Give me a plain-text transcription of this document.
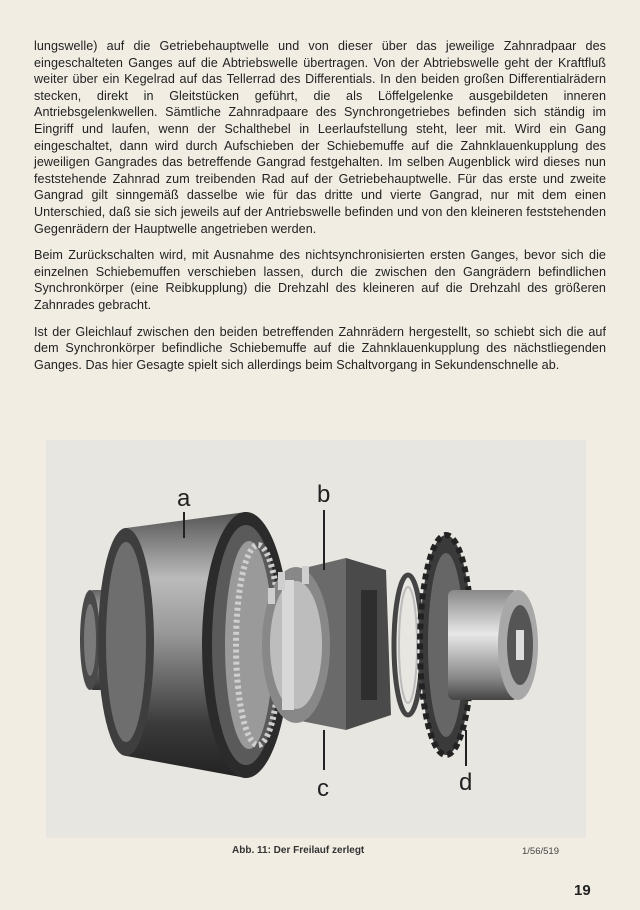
lungswelle) auf die Getriebehauptwelle und von dieser über das jeweilige Zahnradpaar des eingeschalteten Ganges auf die Abtriebswelle übertragen. Von der Abtriebswelle geht der Kraftfluß weiter über ein Kegelrad auf das Tellerrad des Differentials. In den beiden großen Differentialrädern stecken, direkt in Gleitstücken geführt, die als Löffelgelenke ausgebildeten inneren Antriebsgelenkwellen. Sämtliche Zahnradpaare des Synchrongetriebes befinden sich ständig im Eingriff und laufen, wenn der Schalthebel in Leerlaufstellung steht, leer mit. Wird ein Gang eingeschaltet, dann wird durch Aufschieben der Schiebemuffe auf die Zahnklauenkupplung des jeweiligen Gangrades das betreffende Gangrad festgehalten. Im selben Augenblick wird dieses nun feststehende Zahnrad zum treibenden Rad auf der Getriebehauptwelle. Für das erste und zweite Gangrad gilt sinngemäß dasselbe wie für das dritte und vierte Gangrad, nur mit dem einen Unterschied, daß sie sich jeweils auf der Antriebswelle befinden und von den kleineren feststehenden Gegenrädern der Hauptwelle angetrieben werden.

Beim Zurückschalten wird, mit Ausnahme des nichtsynchronisierten ersten Ganges, bevor sich die einzelnen Schiebemuffen verschieben lassen, durch die zwischen den Gangrädern befindlichen Synchronkörper (eine Reibkupplung) die Drehzahl des kleineren auf die Drehzahl des größeren Zahnrades gebracht.

Ist der Gleichlauf zwischen den beiden betreffenden Zahnrädern hergestellt, so schiebt sich die auf dem Synchronkörper befindliche Schiebemuffe auf die Zahnklauenkupplung des nächstliegenden Ganges. Das hier Gesagte spielt sich allerdings beim Schaltvorgang in Sekundenschnelle ab.

a	b
c	d
Abb. 11: Der Freilauf zerlegt	1/56/519
19
